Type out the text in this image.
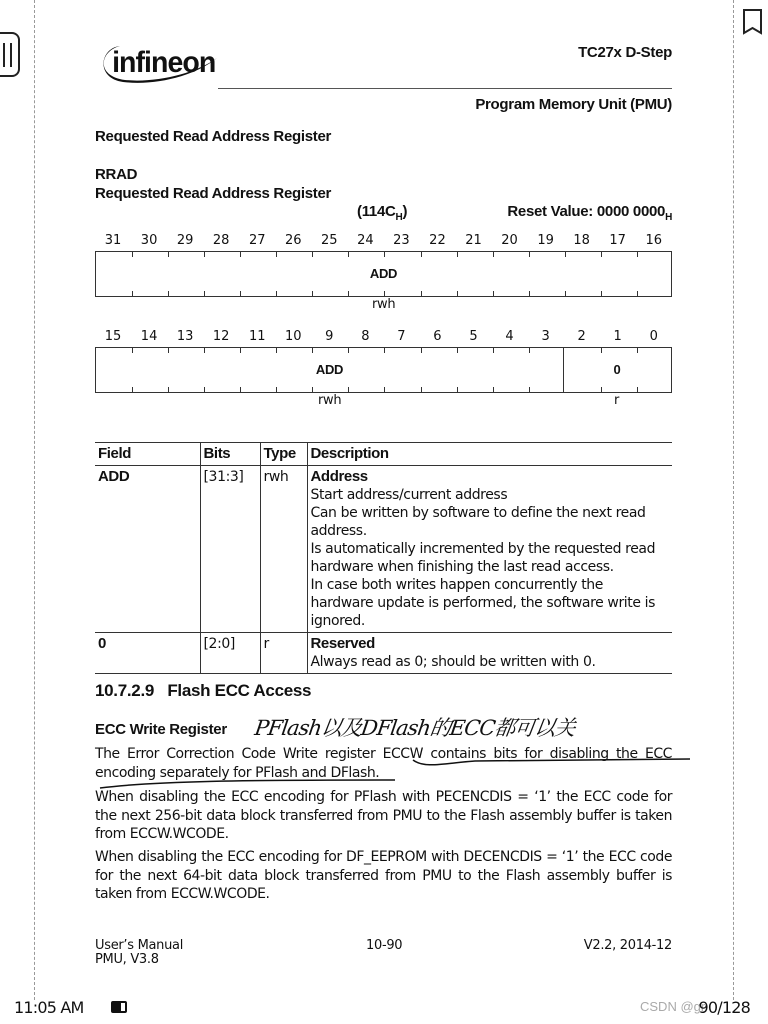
infineon	TC27x D-Step
Program Memory Unit (PMU)
Requested Read Address Register
RRAD
Requested Read Address Register
$(114C_H)$	Reset Value: 0000 $0000_H$
31	30	29	28	27	26	25	24	23	22	21	20	19	18	17	16
ADD
rwh
15	14	13	12	11	10	9	8	7	6	5	4	3	2	1	0
ADD	0
rwh	r
Field	Bits	Type	Description
ADD	[31:3]	rwh	Address
Start address/current address
Can be written by software to define the next read address.
Is automatically incremented by the requested read hardware when finishing the last read access.
In case both writes happen concurrently the hardware update is performed, the software write is ignored.

0	[2:0]	r	Reserved
Always read as 0; should be written with 0.
10.7.2.9 Flash ECC Access
ECC Write Register PFlash以及DFlash的ECC都可以关

The Error Correction Code Write register ECCW contains bits for disabling the ECC encoding separately for PFlash and DFlash.

When disabling the ECC encoding for PFlash with PECENCDIS = ‘1’ the ECC code for the next 256-bit data block transferred from PMU to the Flash assembly buffer is taken from ECCW.WCODE.

When disabling the ECC encoding for DF_EEPROM with DECENCDIS = ‘1’ the ECC code for the next 64-bit data block transferred from PMU to the Flash assembly buffer is taken from ECCW.WCODE.

User’s Manual
PMU, V3.8
10-90	V2.2, 2014-12
11:05 AM	CSDN @gr
90/128
